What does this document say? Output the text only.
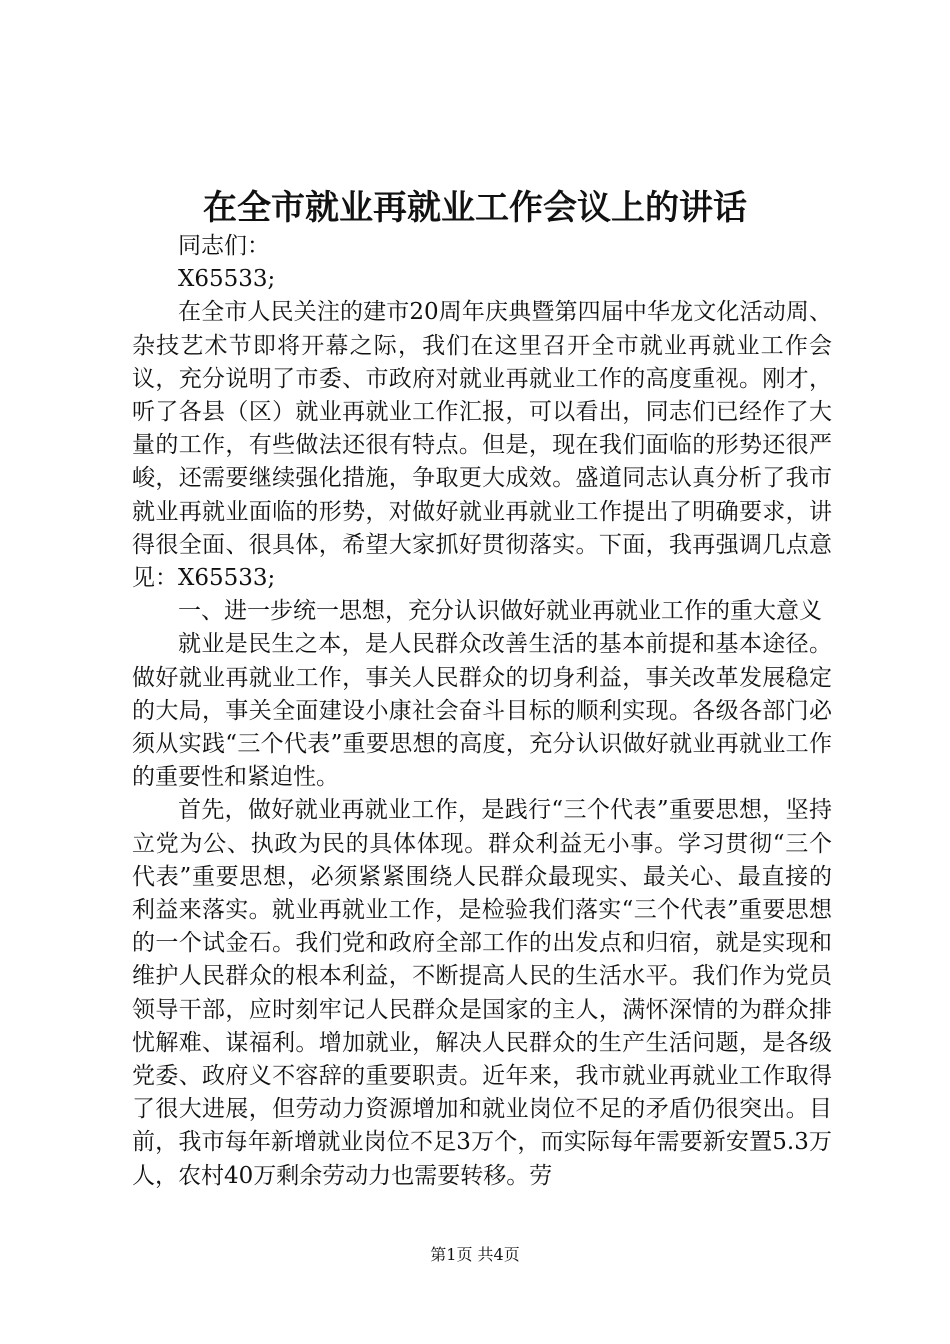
在全市就业再就业工作会议上的讲话

同志们：

X65533;

在全市人民关注的建市20周年庆典暨第四届中华龙文化活动周、杂技艺术节即将开幕之际，我们在这里召开全市就业再就业工作会议，充分说明了市委、市政府对就业再就业工作的高度重视。刚才，听了各县（区）就业再就业工作汇报，可以看出，同志们已经作了大量的工作，有些做法还很有特点。但是，现在我们面临的形势还很严峻，还需要继续强化措施，争取更大成效。盛道同志认真分析了我市就业再就业面临的形势，对做好就业再就业工作提出了明确要求，讲得很全面、很具体，希望大家抓好贯彻落实。下面，我再强调几点意见：X65533;

一、进一步统一思想，充分认识做好就业再就业工作的重大意义

就业是民生之本，是人民群众改善生活的基本前提和基本途径。做好就业再就业工作，事关人民群众的切身利益，事关改革发展稳定的大局，事关全面建设小康社会奋斗目标的顺利实现。各级各部门必须从实践“三个代表”重要思想的高度，充分认识做好就业再就业工作的重要性和紧迫性。

首先，做好就业再就业工作，是践行“三个代表”重要思想，坚持立党为公、执政为民的具体体现。群众利益无小事。学习贯彻“三个代表”重要思想，必须紧紧围绕人民群众最现实、最关心、最直接的利益来落实。就业再就业工作，是检验我们落实“三个代表”重要思想的一个试金石。我们党和政府全部工作的出发点和归宿，就是实现和维护人民群众的根本利益，不断提高人民的生活水平。我们作为党员领导干部，应时刻牢记人民群众是国家的主人，满怀深情的为群众排忧解难、谋福利。增加就业，解决人民群众的生产生活问题，是各级党委、政府义不容辞的重要职责。近年来，我市就业再就业工作取得了很大进展，但劳动力资源增加和就业岗位不足的矛盾仍很突出。目前，我市每年新增就业岗位不足3万个，而实际每年需要新安置5.3万人，农村40万剩余劳动力也需要转移。劳

第1页 共4页
